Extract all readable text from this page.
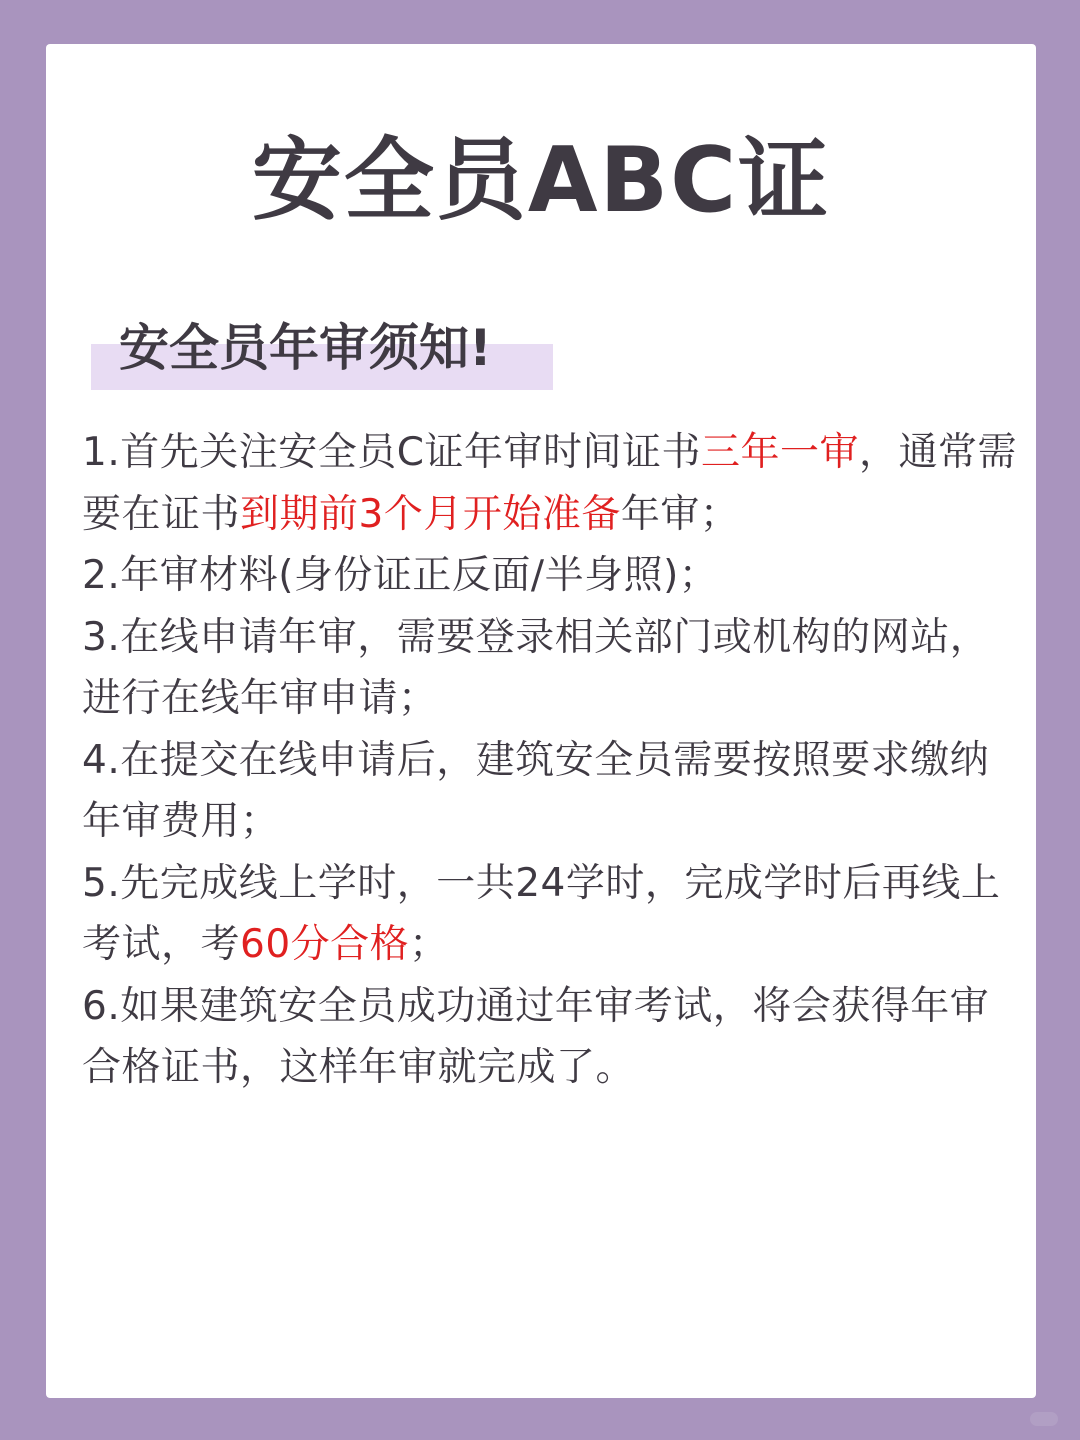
安全员ABC证
安全员年审须知!

1.首先关注安全员C证年审时间证书三年一审，通常需要在证书到期前3个月开始准备年审；

2.年审材料(身份证正反面/半身照)；

3.在线申请年审，需要登录相关部门或机构的网站，进行在线年审申请；

4.在提交在线申请后，建筑安全员需要按照要求缴纳年审费用；

5.先完成线上学时，一共24学时，完成学时后再线上考试，考60分合格；

6.如果建筑安全员成功通过年审考试，将会获得年审合格证书，这样年审就完成了。
